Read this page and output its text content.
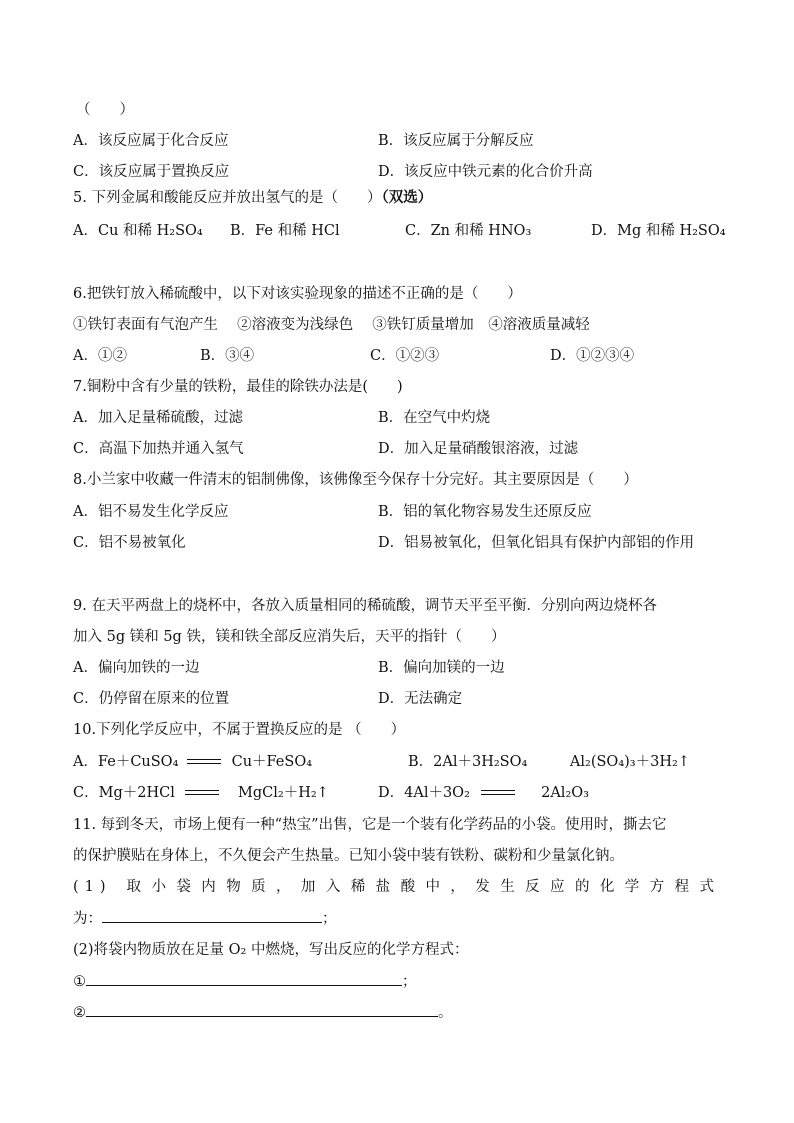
（　　）
A．该反应属于化合反应	B．该反应属于分解反应
C．该反应属于置换反应	D．该反应中铁元素的化合价升高
5. 下列金属和酸能反应并放出氢气的是（　　）（双选）
A．Cu 和稀 H₂SO₄ B．Fe 和稀 HCl	C．Zn 和稀 HNO₃	D．Mg 和稀 H₂SO₄
6.把铁钉放入稀硫酸中，以下对该实验现象的描述不正确的是（　　）
①铁钉表面有气泡产生　 ②溶液变为浅绿色　 ③铁钉质量增加　④溶液质量减轻
A．①②	B．③④	C．①②③	D．①②③④
7.铜粉中含有少量的铁粉，最佳的除铁办法是(　　)
A．加入足量稀硫酸，过滤	B．在空气中灼烧
C．高温下加热并通入氢气	D．加入足量硝酸银溶液，过滤
8.小兰家中收藏一件清末的铝制佛像，该佛像至今保存十分完好。其主要原因是（　　）
A．铝不易发生化学反应	B．铝的氧化物容易发生还原反应
C．铝不易被氧化	D．铝易被氧化，但氧化铝具有保护内部铝的作用
9. 在天平两盘上的烧杯中，各放入质量相同的稀硫酸，调节天平至平衡．分别向两边烧杯各
加入 5g 镁和 5g 铁，镁和铁全部反应消失后，天平的指针（　　）
A．偏向加铁的一边	B．偏向加镁的一边
C．仍停留在原来的位置	D．无法确定
10.下列化学反应中，不属于置换反应的是 （　　）
A．Fe＋CuSO₄	Cu＋FeSO₄	B．2Al＋3H₂SO₄	Al₂(SO₄)₃＋3H₂↑
C．Mg＋2HCl	MgCl₂＋H₂↑	D．4Al＋3O₂	2Al₂O₃
11. 每到冬天，市场上便有一种“热宝”出售，它是一个装有化学药品的小袋。使用时，撕去它
的保护膜贴在身体上，不久便会产生热量。已知小袋中装有铁粉、碳粉和少量氯化钠。
(1) 取小袋内物质，加入稀盐酸中，发生反应的化学方程式
为：	；
(2)将袋内物质放在足量 O₂ 中燃烧，写出反应的化学方程式：
①	；
②	。
